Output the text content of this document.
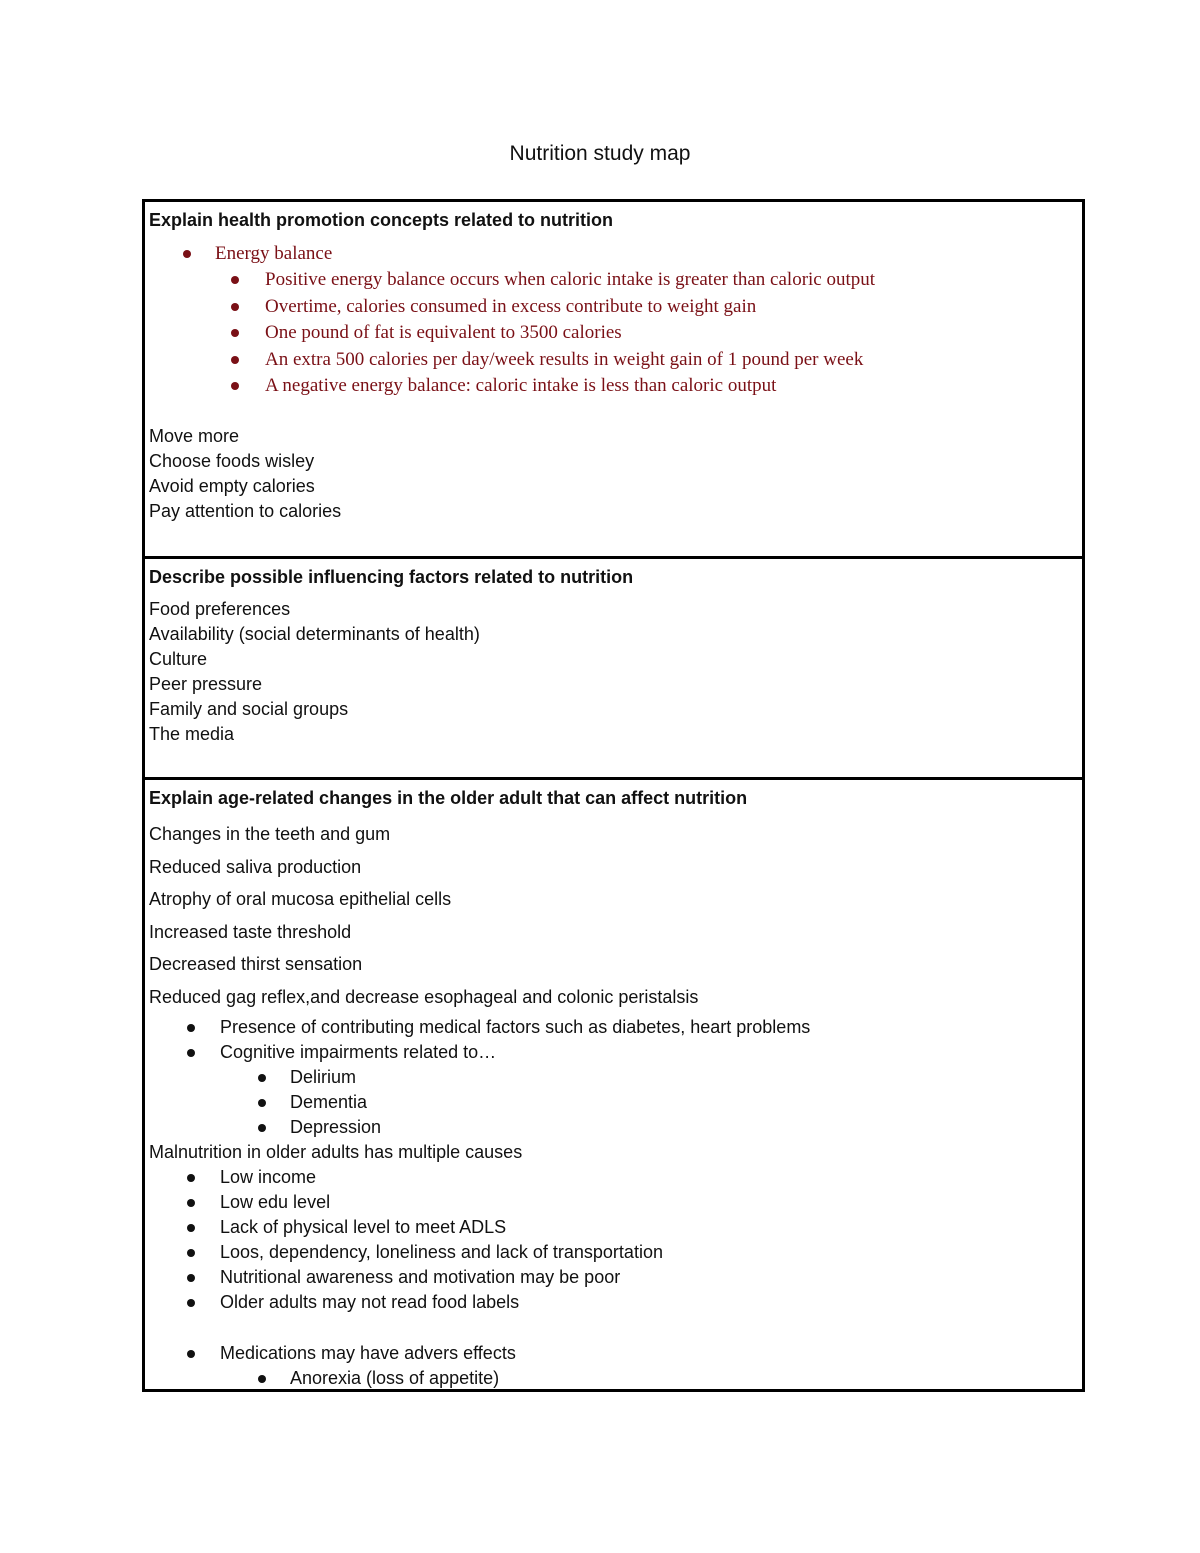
Nutrition study map

Explain health promotion concepts related to nutrition

Energy balance
Positive energy balance occurs when caloric intake is greater than caloric output
Overtime, calories consumed in excess contribute to weight gain
One pound of fat is equivalent to 3500 calories
An extra 500 calories per day/week results in weight gain of 1 pound per week
A negative energy balance: caloric intake is less than caloric output

Move more

Choose foods wisley

Avoid empty calories

Pay attention to calories

Describe possible influencing factors related to nutrition

Food preferences

Availability (social determinants of health)

Culture

Peer pressure

Family and social groups

The media

Explain age-related changes in the older adult that can affect nutrition

Changes in the teeth and gum

Reduced saliva production

Atrophy of oral mucosa epithelial cells

Increased taste threshold

Decreased thirst sensation

Reduced gag reflex,and decrease esophageal and colonic peristalsis

Presence of contributing medical factors such as diabetes, heart problems
Cognitive impairments related to…
Delirium
Dementia
Depression

Malnutrition in older adults has multiple causes

Low income
Low edu level
Lack of physical level to meet ADLS
Loos, dependency, loneliness and lack of transportation
Nutritional awareness and motivation may be poor
Older adults may not read food labels
Medications may have advers effects
Anorexia (loss of appetite)
